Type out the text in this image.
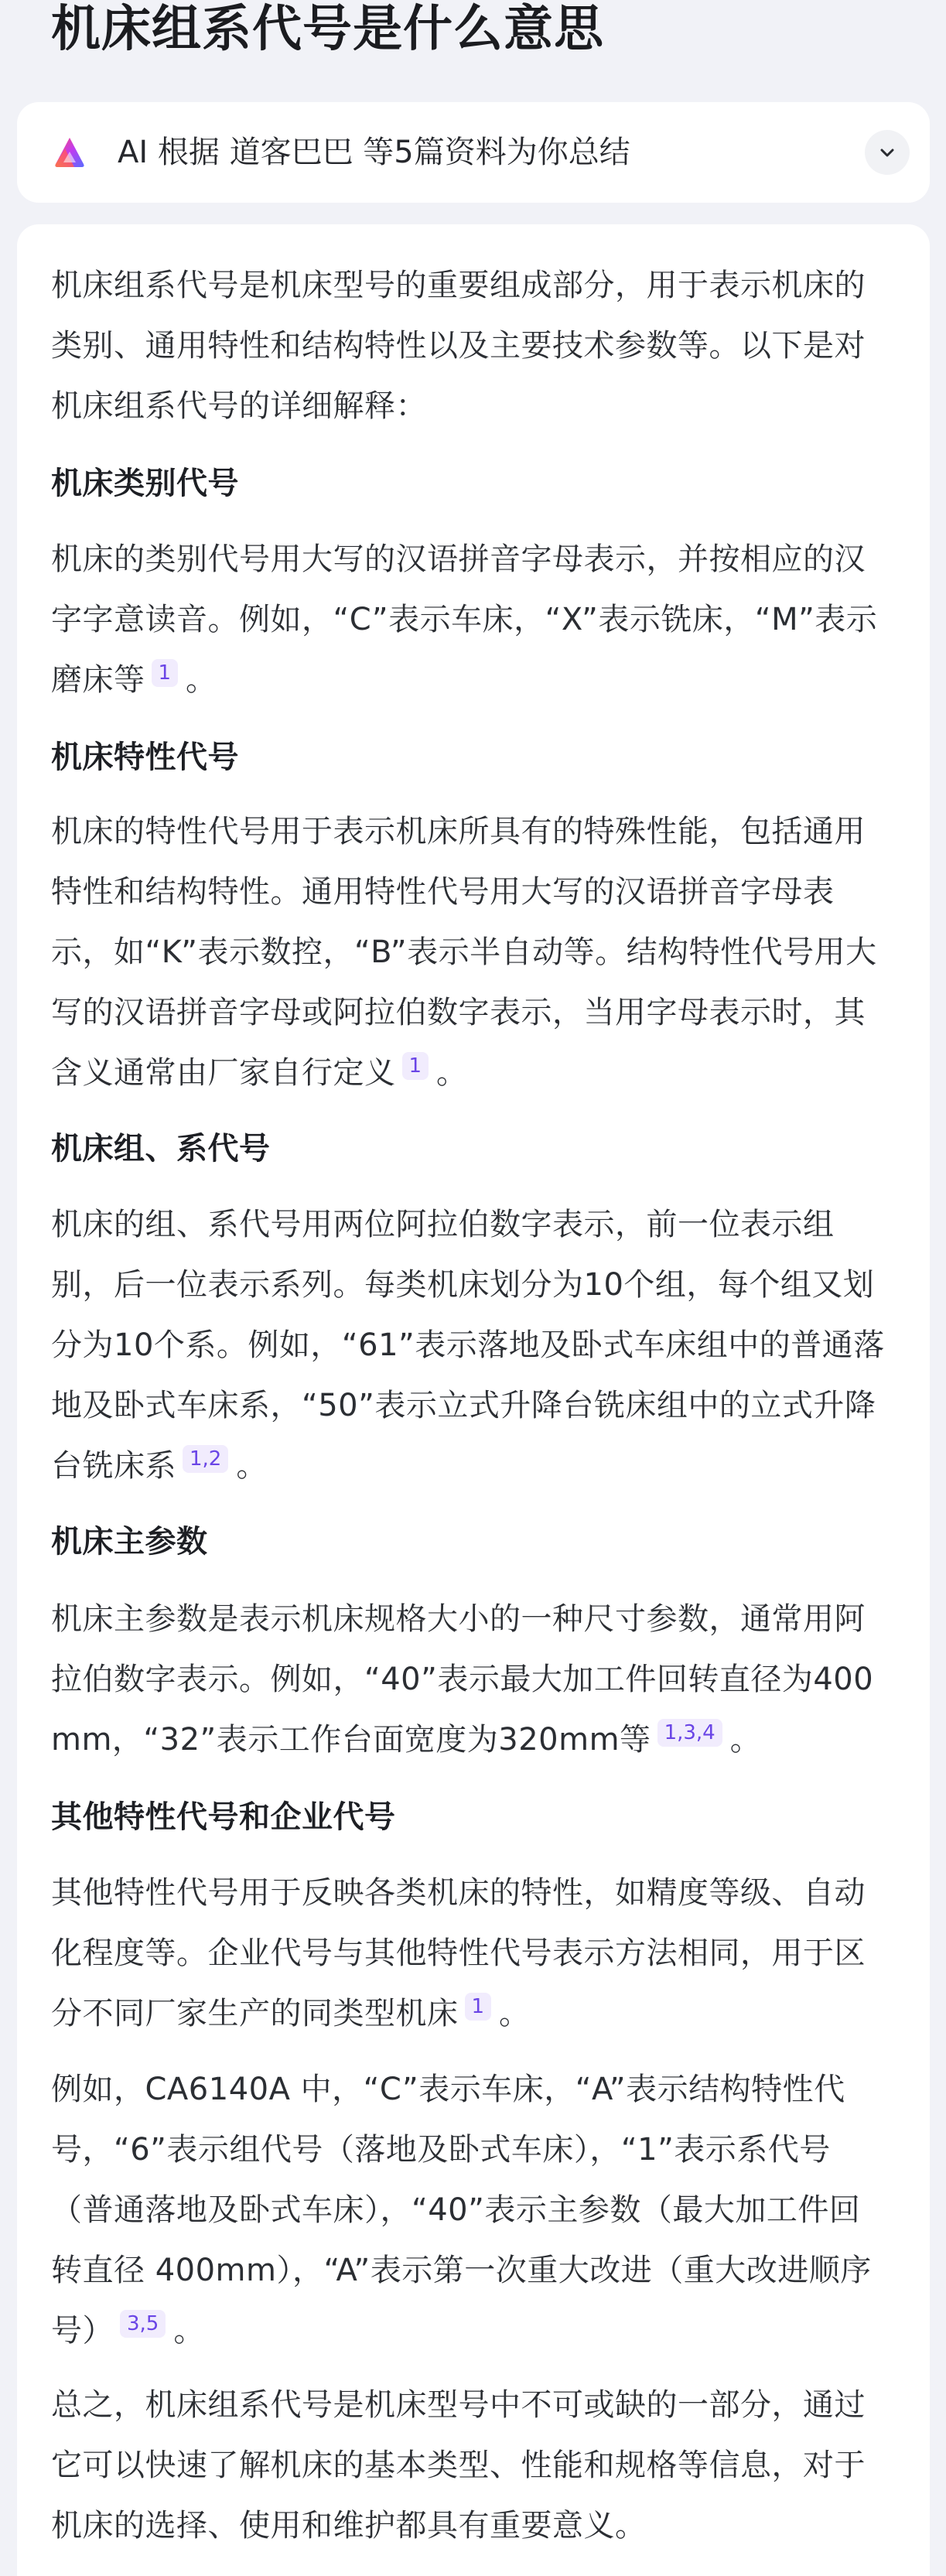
机床组系代号是什么意思
AI 根据 道客巴巴 等5篇资料为你总结

机床组系代号是机床型号的重要组成部分，用于表示机床的
类别、通用特性和结构特性以及主要技术参数等。以下是对
机床组系代号的详细解释：

机床类别代号

机床的类别代号用大写的汉语拼音字母表示，并按相应的汉
字字意读音。例如，“C”表示车床，“X”表示铣床，“M”表示
磨床等 1 。

机床特性代号

机床的特性代号用于表示机床所具有的特殊性能，包括通用
特性和结构特性。通用特性代号用大写的汉语拼音字母表
示，如“K”表示数控，“B”表示半自动等。结构特性代号用大
写的汉语拼音字母或阿拉伯数字表示，当用字母表示时，其
含义通常由厂家自行定义 1 。

机床组、系代号

机床的组、系代号用两位阿拉伯数字表示，前一位表示组
别，后一位表示系列。每类机床划分为10个组，每个组又划
分为10个系。例如，“61”表示落地及卧式车床组中的普通落
地及卧式车床系，“50”表示立式升降台铣床组中的立式升降
台铣床系 1,2 。

机床主参数

机床主参数是表示机床规格大小的一种尺寸参数，通常用阿
拉伯数字表示。例如，“40”表示最大加工件回转直径为400
mm，“32”表示工作台面宽度为320mm等 1,3,4 。

其他特性代号和企业代号

其他特性代号用于反映各类机床的特性，如精度等级、自动
化程度等。企业代号与其他特性代号表示方法相同，用于区
分不同厂家生产的同类型机床 1 。

例如，CA6140A 中，“C”表示车床，“A”表示结构特性代
号，“6”表示组代号（落地及卧式车床），“1”表示系代号
（普通落地及卧式车床），“40”表示主参数（最大加工件回
转直径 400mm），“A”表示第一次重大改进（重大改进顺序
号） 3,5 。

总之，机床组系代号是机床型号中不可或缺的一部分，通过
它可以快速了解机床的基本类型、性能和规格等信息，对于
机床的选择、使用和维护都具有重要意义。
